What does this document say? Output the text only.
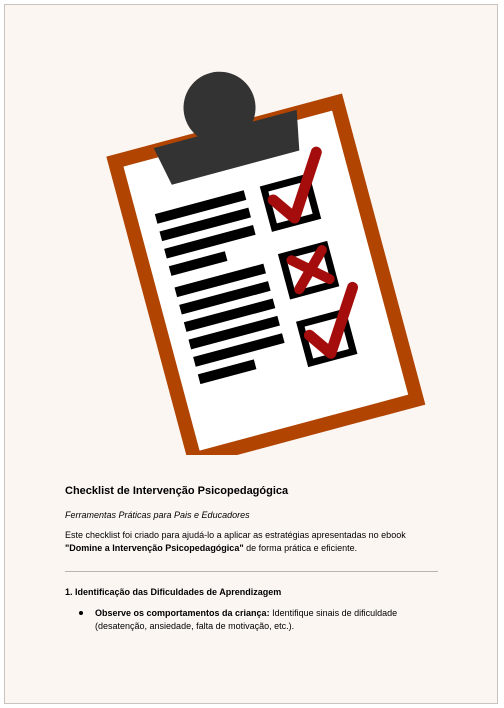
Checklist de Intervenção Psicopedagógica

Ferramentas Práticas para Pais e Educadores

Este checklist foi criado para ajudá-lo a aplicar as estratégias apresentadas no ebook "Domine a Intervenção Psicopedagógica" de forma prática e eficiente.

1. Identificação das Dificuldades de Aprendizagem
Observe os comportamentos da criança: Identifique sinais de dificuldade (desatenção, ansiedade, falta de motivação, etc.).
